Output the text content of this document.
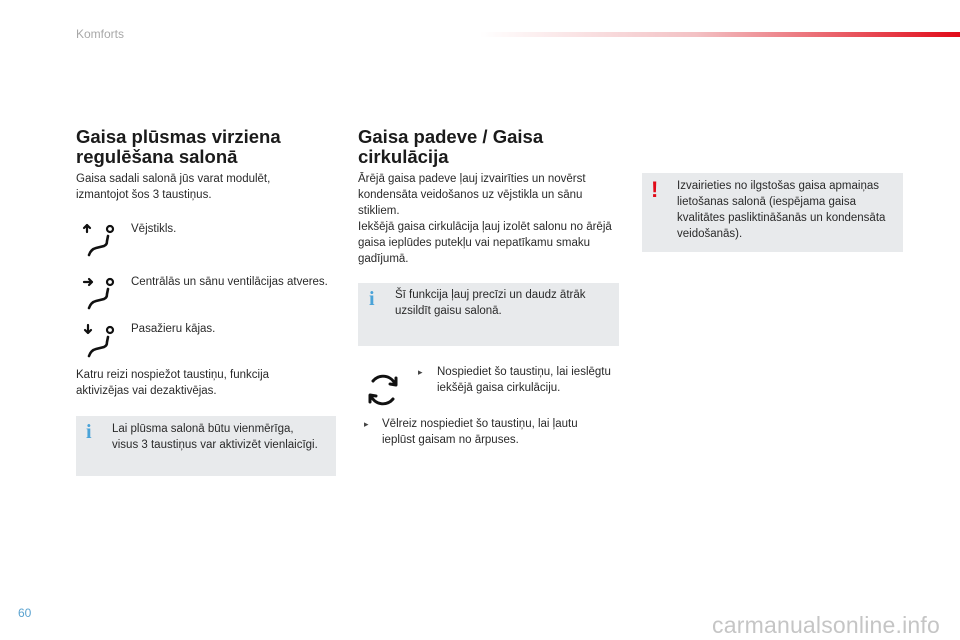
Komforts
Gaisa plūsmas virziena regulēšana salonā

Gaisa sadali salonā jūs varat modulēt, izmantojot šos 3 taustiņus.

Vējstikls.

Centrālās un sānu ventilācijas atveres.

Pasažieru kājas.

Katru reizi nospiežot taustiņu, funkcija aktivizējas vai dezaktivējas.

i Lai plūsma salonā būtu vienmērīga, visus 3 taustiņus var aktivizēt vienlaicīgi.

Gaisa padeve / Gaisa cirkulācija

Ārējā gaisa padeve ļauj izvairīties un novērst kondensāta veidošanos uz vējstikla un sānu stikliem.
Iekšējā gaisa cirkulācija ļauj izolēt salonu no ārējā gaisa ieplūdes putekļu vai nepatīkamu smaku gadījumā.

i Šī funkcija ļauj precīzi un daudz ātrāk uzsildīt gaisu salonā.

▸ Nospiediet šo taustiņu, lai ieslēgtu iekšējā gaisa cirkulāciju.

▸ Vēlreiz nospiediet šo taustiņu, lai ļautu ieplūst gaisam no ārpuses.

! Izvairieties no ilgstošas gaisa apmaiņas lietošanas salonā (iespējama gaisa kvalitātes pasliktināšanās un kondensāta veidošanās).

60	carmanualsonline.info
